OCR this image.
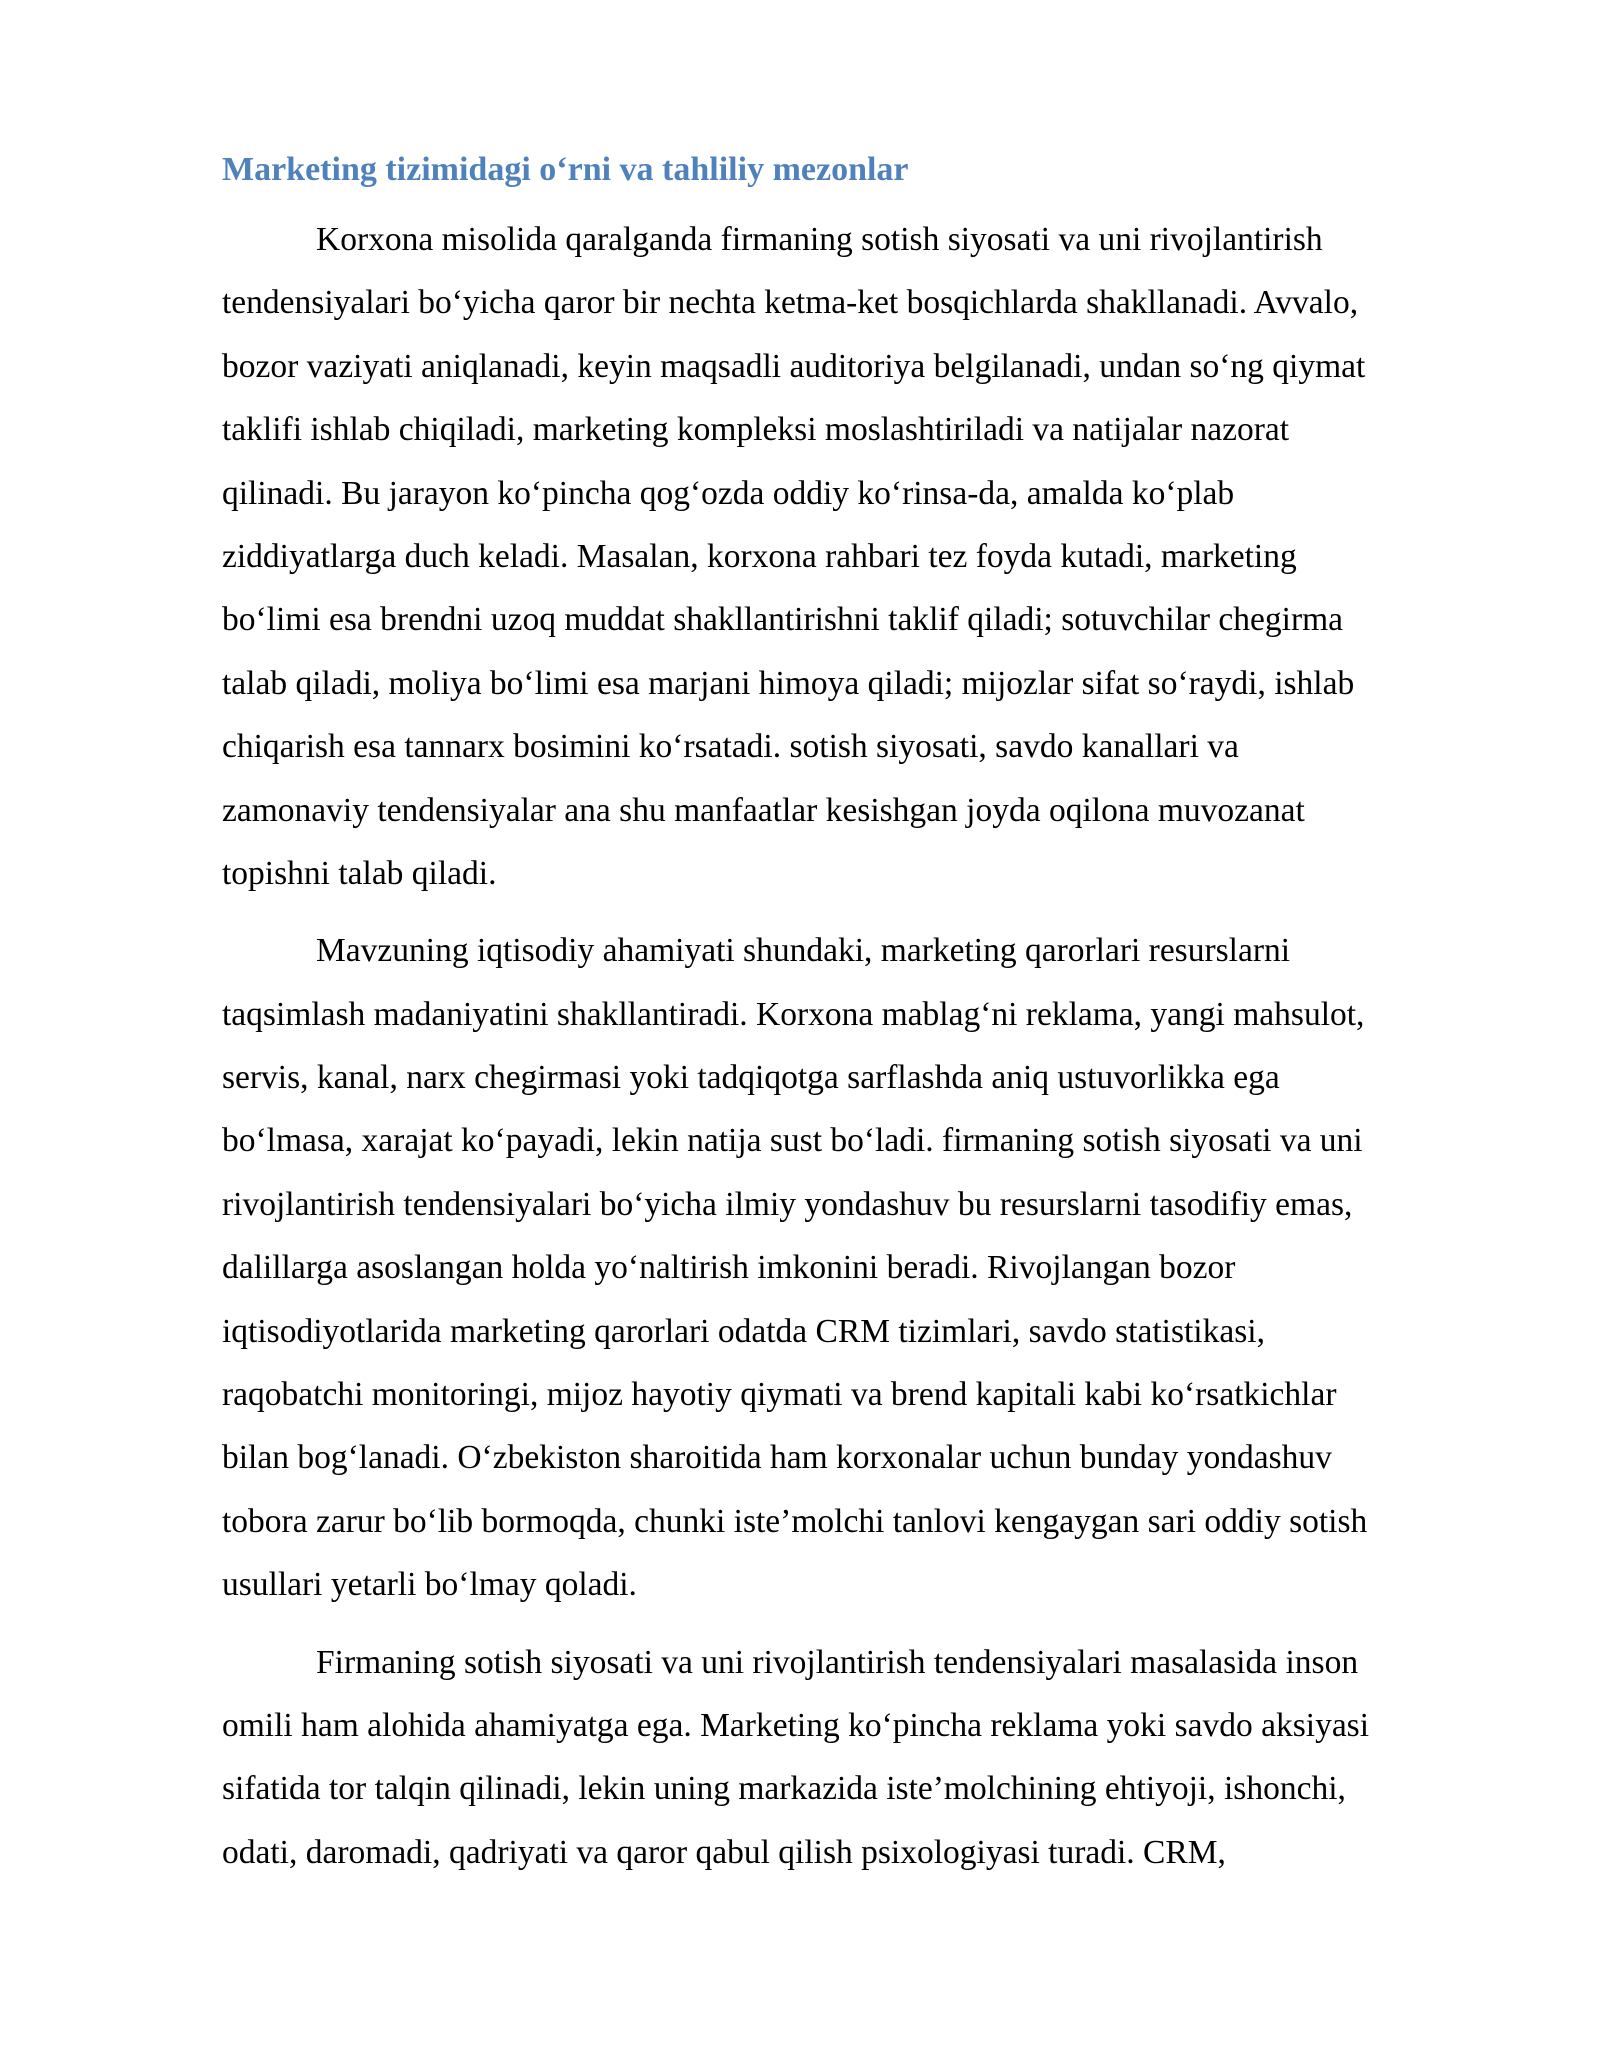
Marketing tizimidagi o‘rni va tahliliy mezonlar

Korxona misolida qaralganda firmaning sotish siyosati va uni rivojlantirish
tendensiyalari bo‘yicha qaror bir nechta ketma-ket bosqichlarda shakllanadi. Avvalo,
bozor vaziyati aniqlanadi, keyin maqsadli auditoriya belgilanadi, undan so‘ng qiymat
taklifi ishlab chiqiladi, marketing kompleksi moslashtiriladi va natijalar nazorat
qilinadi. Bu jarayon ko‘pincha qog‘ozda oddiy ko‘rinsa-da, amalda ko‘plab
ziddiyatlarga duch keladi. Masalan, korxona rahbari tez foyda kutadi, marketing
bo‘limi esa brendni uzoq muddat shakllantirishni taklif qiladi; sotuvchilar chegirma
talab qiladi, moliya bo‘limi esa marjani himoya qiladi; mijozlar sifat so‘raydi, ishlab
chiqarish esa tannarx bosimini ko‘rsatadi. sotish siyosati, savdo kanallari va
zamonaviy tendensiyalar ana shu manfaatlar kesishgan joyda oqilona muvozanat
topishni talab qiladi.

Mavzuning iqtisodiy ahamiyati shundaki, marketing qarorlari resurslarni
taqsimlash madaniyatini shakllantiradi. Korxona mablag‘ni reklama, yangi mahsulot,
servis, kanal, narx chegirmasi yoki tadqiqotga sarflashda aniq ustuvorlikka ega
bo‘lmasa, xarajat ko‘payadi, lekin natija sust bo‘ladi. firmaning sotish siyosati va uni
rivojlantirish tendensiyalari bo‘yicha ilmiy yondashuv bu resurslarni tasodifiy emas,
dalillarga asoslangan holda yo‘naltirish imkonini beradi. Rivojlangan bozor
iqtisodiyotlarida marketing qarorlari odatda CRM tizimlari, savdo statistikasi,
raqobatchi monitoringi, mijoz hayotiy qiymati va brend kapitali kabi ko‘rsatkichlar
bilan bog‘lanadi. O‘zbekiston sharoitida ham korxonalar uchun bunday yondashuv
tobora zarur bo‘lib bormoqda, chunki iste’molchi tanlovi kengaygan sari oddiy sotish
usullari yetarli bo‘lmay qoladi.

Firmaning sotish siyosati va uni rivojlantirish tendensiyalari masalasida inson
omili ham alohida ahamiyatga ega. Marketing ko‘pincha reklama yoki savdo aksiyasi
sifatida tor talqin qilinadi, lekin uning markazida iste’molchining ehtiyoji, ishonchi,
odati, daromadi, qadriyati va qaror qabul qilish psixologiyasi turadi. CRM,
